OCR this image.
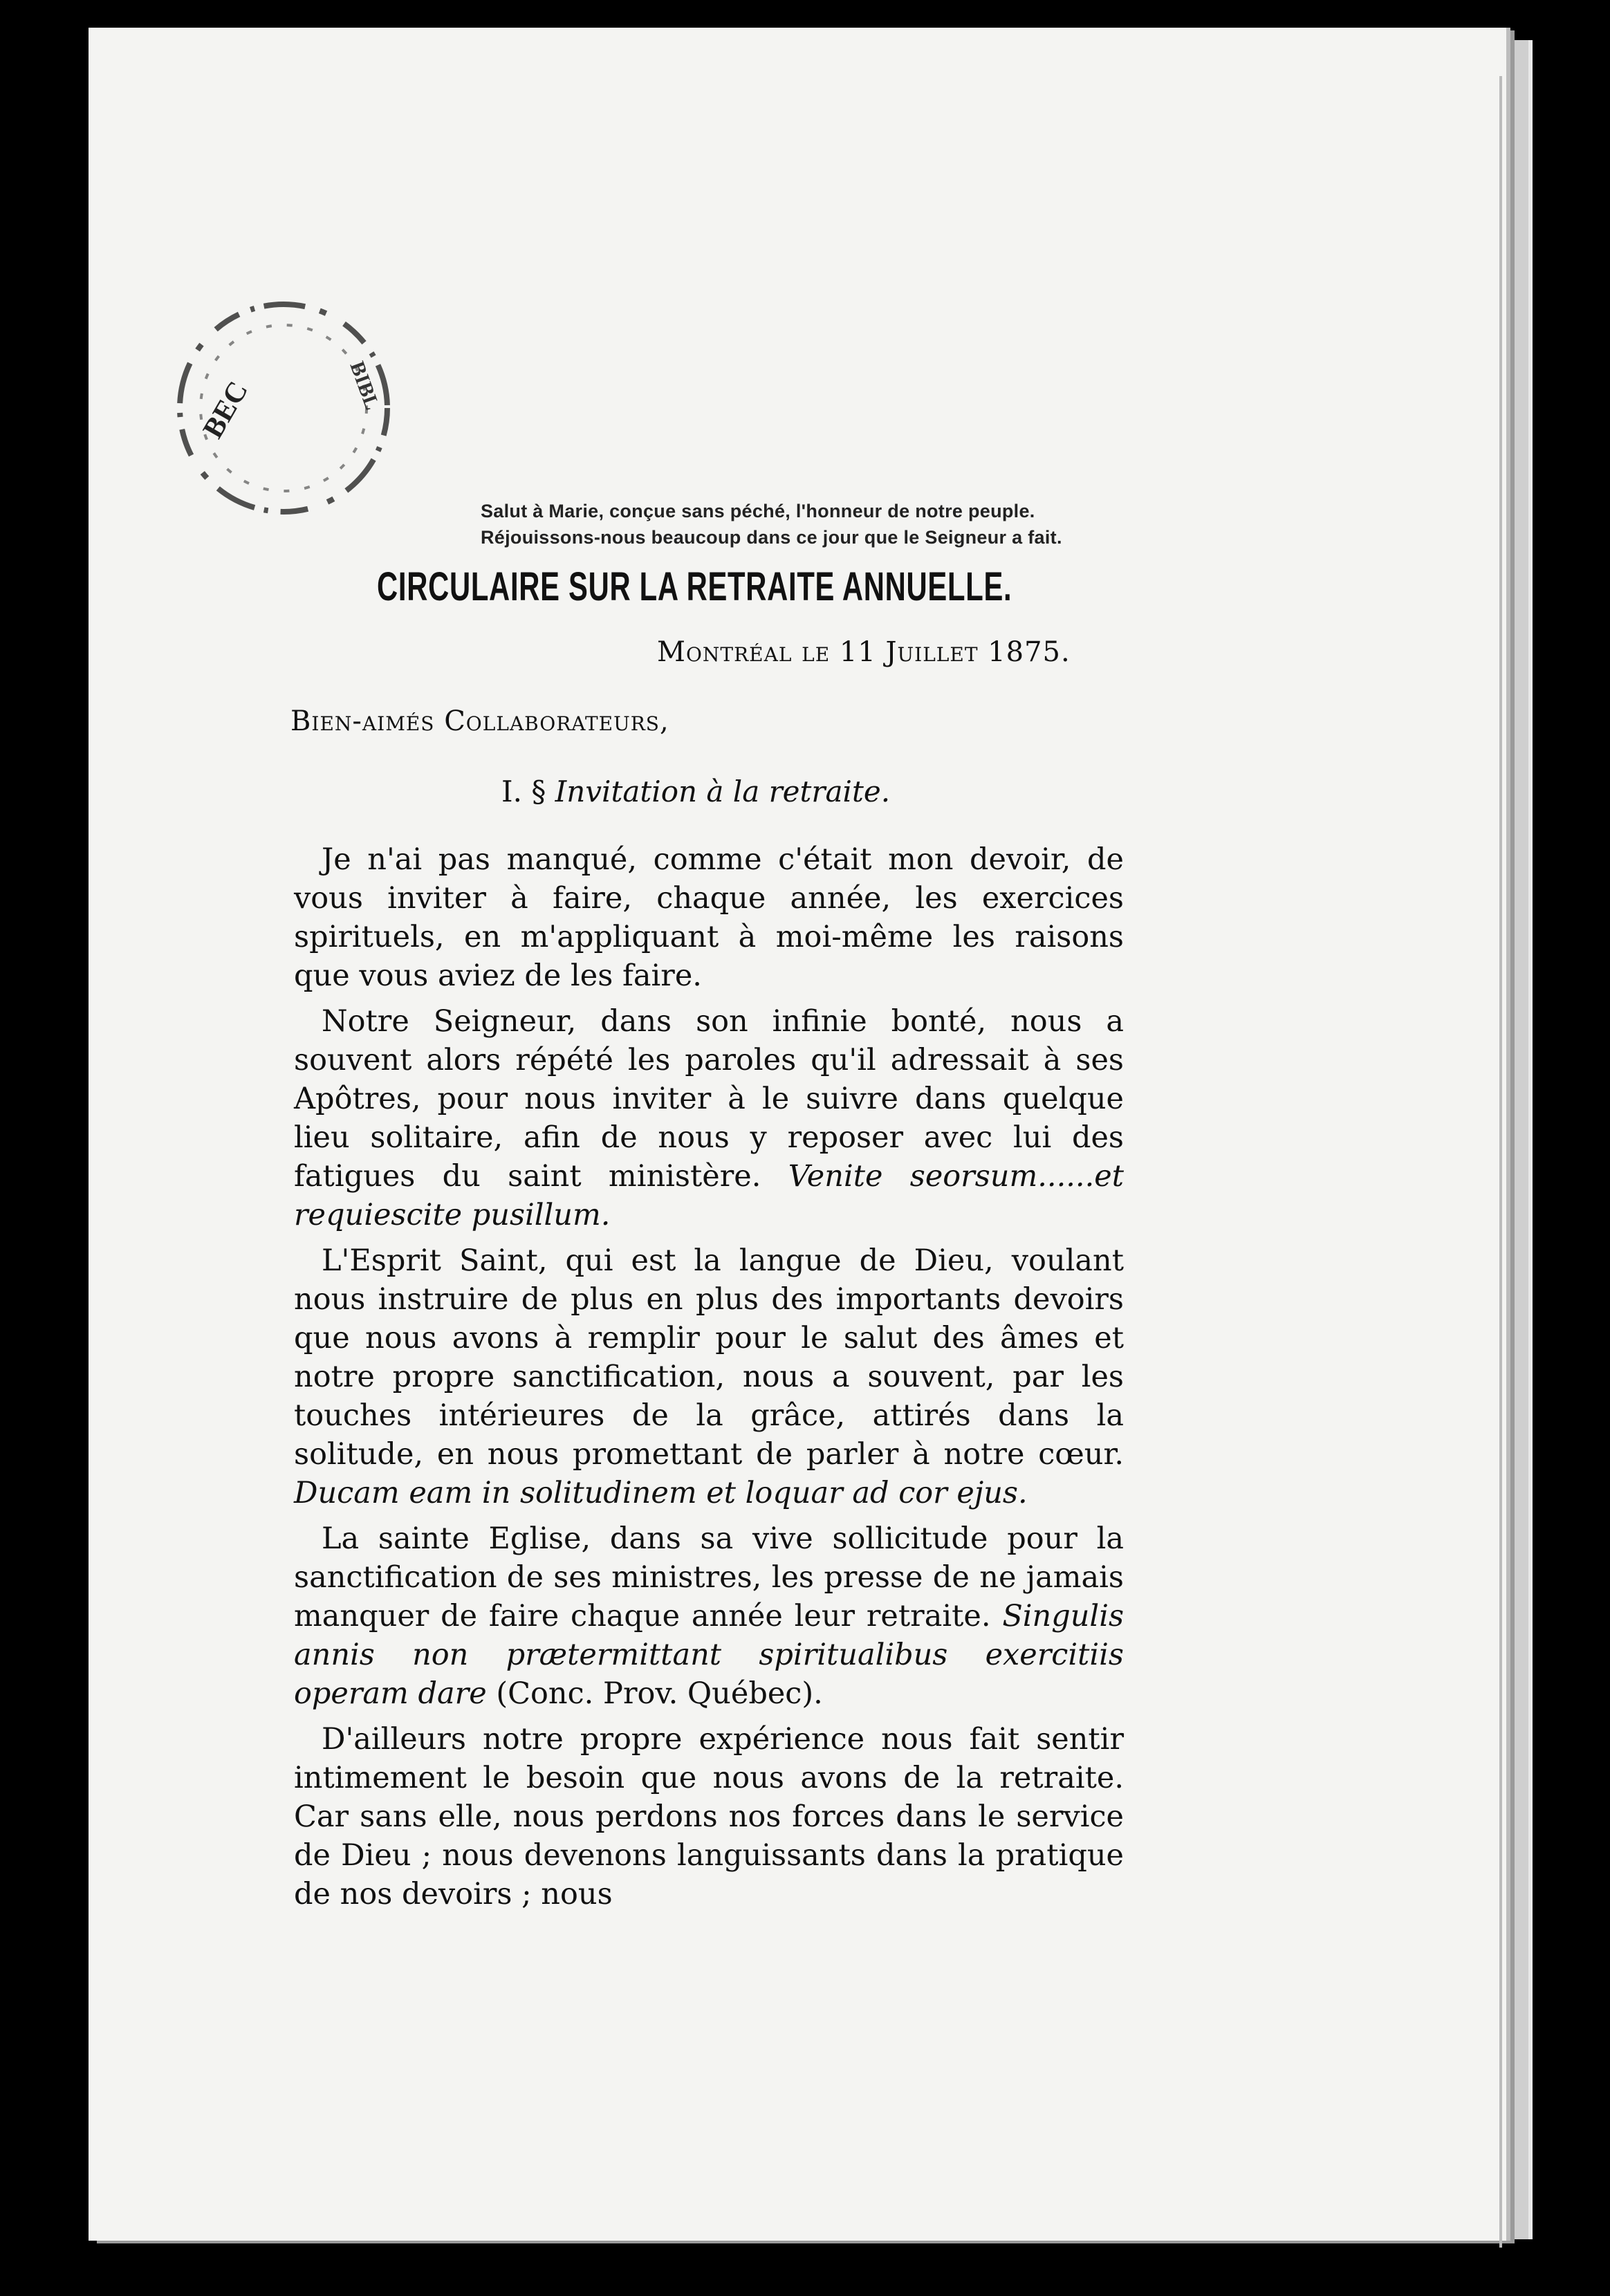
BEC	BIBL
Salut à Marie, conçue sans péché, l'honneur de notre peuple.
Réjouissons-nous beaucoup dans ce jour que le Seigneur a fait.
CIRCULAIRE SUR LA RETRAITE ANNUELLE.
Montréal le 11 Juillet 1875.
Bien-aimés Collaborateurs,
I. § Invitation à la retraite.

Je n'ai pas manqué, comme c'était mon devoir, de vous inviter à faire, chaque année, les exercices spirituels, en m'appliquant à moi-même les raisons que vous aviez de les faire.

Notre Seigneur, dans son infinie bonté, nous a souvent alors répété les paroles qu'il adressait à ses Apôtres, pour nous inviter à le suivre dans quelque lieu solitaire, afin de nous y reposer avec lui des fatigues du saint ministère. Venite seorsum......et requiescite pusillum.

L'Esprit Saint, qui est la langue de Dieu, voulant nous instruire de plus en plus des importants devoirs que nous avons à remplir pour le salut des âmes et notre propre sanctification, nous a souvent, par les touches intérieures de la grâce, attirés dans la solitude, en nous promettant de parler à notre cœur. Ducam eam in solitudinem et loquar ad cor ejus.

La sainte Eglise, dans sa vive sollicitude pour la sanctification de ses ministres, les presse de ne jamais manquer de faire chaque année leur retraite. Singulis annis non prætermittant spiritualibus exercitiis operam dare (Conc. Prov. Québec).

D'ailleurs notre propre expérience nous fait sentir intimement le besoin que nous avons de la retraite. Car sans elle, nous perdons nos forces dans le service de Dieu ; nous devenons languissants dans la pratique de nos devoirs ; nous
